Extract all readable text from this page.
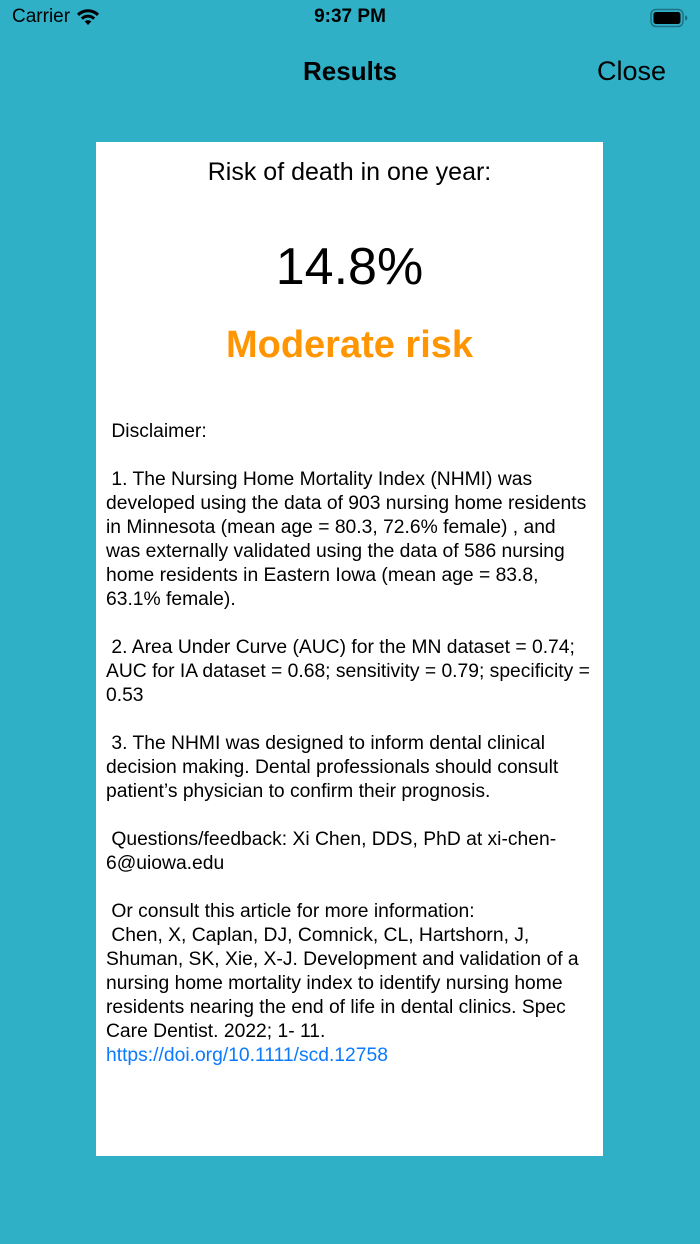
Carrier	9:37 PM
Results	Close
Risk of death in one year:
14.8%
Moderate risk
Disclaimer:

1. The Nursing Home Mortality Index (NHMI) was developed using the data of 903 nursing home residents in Minnesota (mean age = 80.3, 72.6% female) , and was externally validated using the data of 586 nursing home residents in Eastern Iowa (mean age = 83.8, 63.1% female).

2. Area Under Curve (AUC) for the MN dataset = 0.74; AUC for IA dataset = 0.68; sensitivity = 0.79; specificity = 0.53

3. The NHMI was designed to inform dental clinical decision making. Dental professionals should consult patient’s physician to confirm their prognosis.

Questions/feedback: Xi Chen, DDS, PhD at xi-chen-6@uiowa.edu

Or consult this article for more information:
Chen, X, Caplan, DJ, Comnick, CL, Hartshorn, J, Shuman, SK, Xie, X-J. Development and validation of a nursing home mortality index to identify nursing home residents nearing the end of life in dental clinics. Spec Care Dentist. 2022; 1- 11.
https://doi.org/10.1111/scd.12758
